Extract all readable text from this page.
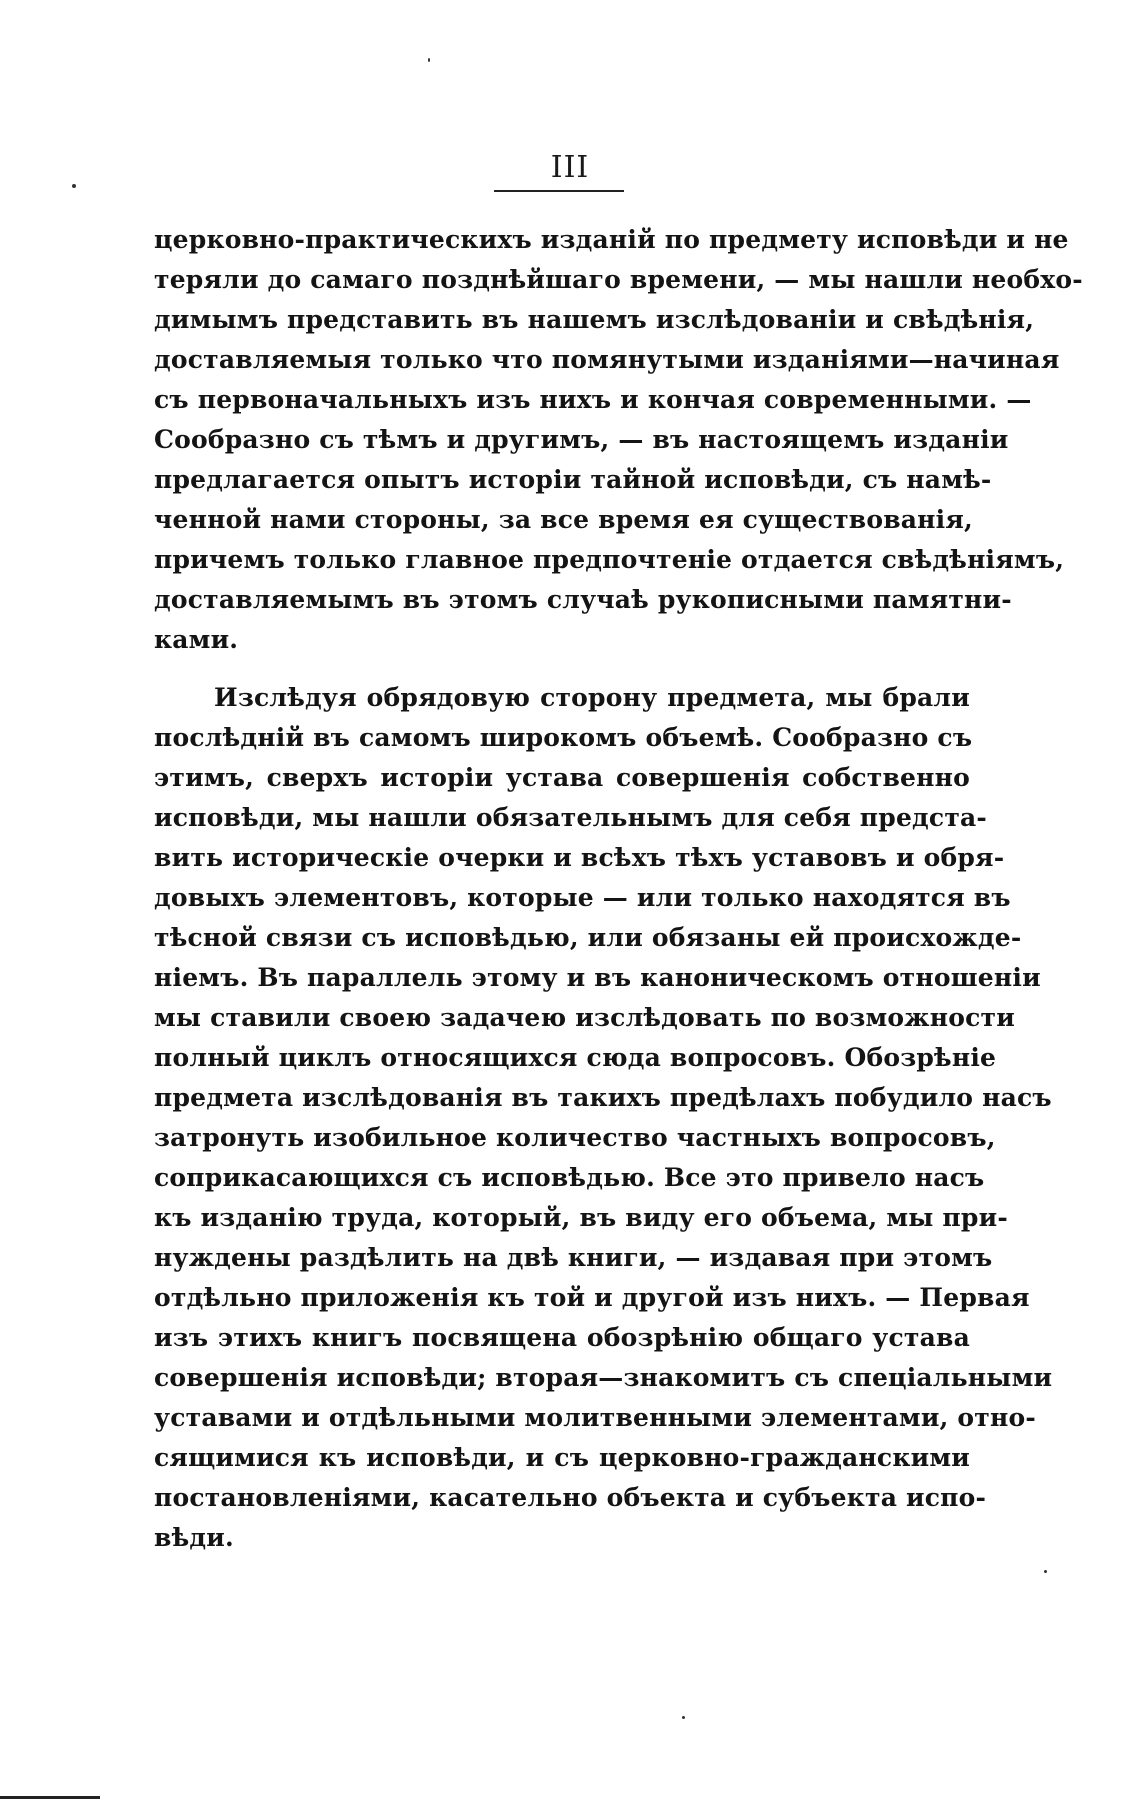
III
церковно-практическихъ изданiй по предмету исповѣди и не
теряли до самаго позднѣйшаго времени, — мы нашли необхо-
димымъ представить въ нашемъ изслѣдованiи и свѣдѣнiя,
доставляемыя только что помянутыми изданiями—начиная
съ первоначальныхъ изъ нихъ и кончая современными. —
Сообразно съ тѣмъ и другимъ, — въ настоящемъ изданiи
предлагается опытъ исторiи тайной исповѣди, съ намѣ-
ченной нами стороны, за все время ея существованiя,
причемъ только главное предпочтенiе отдается свѣдѣнiямъ,
доставляемымъ въ этомъ случаѣ рукописными памятни-
ками.
Изслѣдуя обрядовую сторону предмета, мы брали
послѣднiй въ самомъ широкомъ объемѣ. Сообразно съ
этимъ, сверхъ исторiи устава совершенiя собственно
исповѣди, мы нашли обязательнымъ для себя предста-
вить историческiе очерки и всѣхъ тѣхъ уставовъ и обря-
довыхъ элементовъ, которые — или только находятся въ
тѣсной связи съ исповѣдью, или обязаны ей происхожде-
нiемъ. Въ параллель этому и въ каноническомъ отношенiи
мы ставили своею задачею изслѣдовать по возможности
полный циклъ относящихся сюда вопросовъ. Обозрѣнiе
предмета изслѣдованiя въ такихъ предѣлахъ побудило насъ
затронуть изобильное количество частныхъ вопросовъ,
соприкасающихся съ исповѣдью. Все это привело насъ
къ изданiю труда, который, въ виду его объема, мы при-
нуждены раздѣлить на двѣ книги, — издавая при этомъ
отдѣльно приложенiя къ той и другой изъ нихъ. — Первая
изъ этихъ книгъ посвящена обозрѣнiю общаго устава
совершенiя исповѣди; вторая—знакомитъ съ спецiальными
уставами и отдѣльными молитвенными элементами, отно-
сящимися къ исповѣди, и съ церковно-гражданскими
постановленiями, касательно объекта и субъекта испо-
вѣди.
